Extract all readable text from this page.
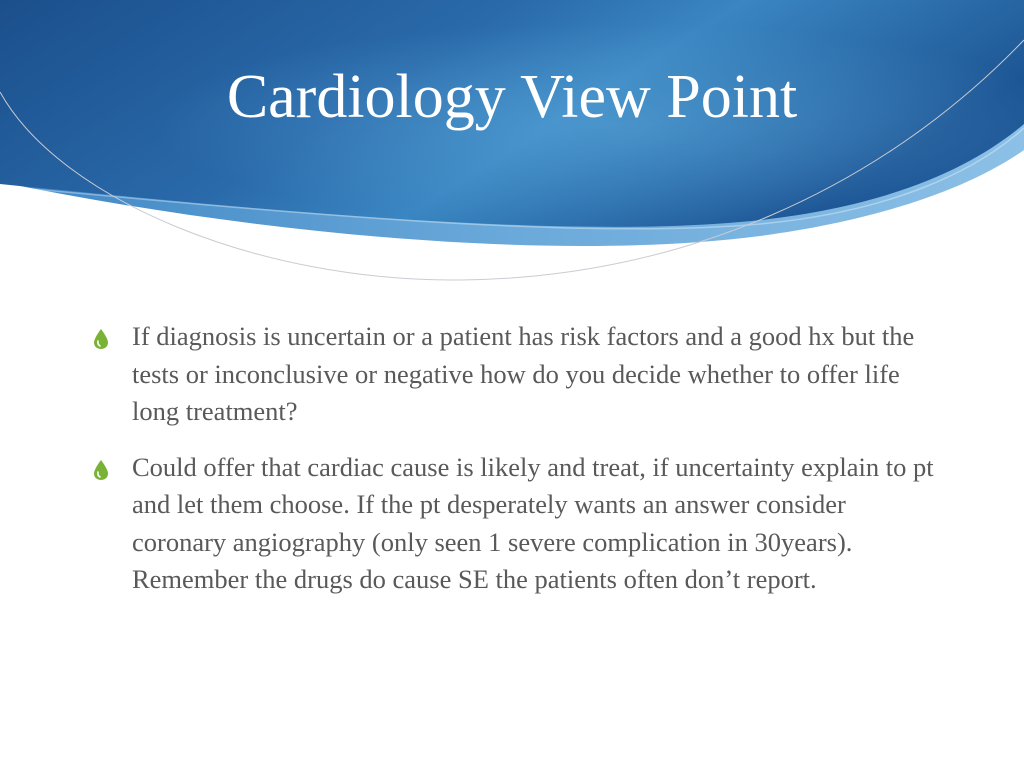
Cardiology View Point
If diagnosis is uncertain or a patient has risk factors and a good hx but the tests or inconclusive or negative how do you decide whether to offer life long treatment?
Could offer that cardiac cause is likely and treat, if uncertainty explain to pt and let them choose. If the pt desperately wants an answer consider coronary angiography (only seen 1 severe complication in 30years). Remember the drugs do cause SE the patients often don’t report.
